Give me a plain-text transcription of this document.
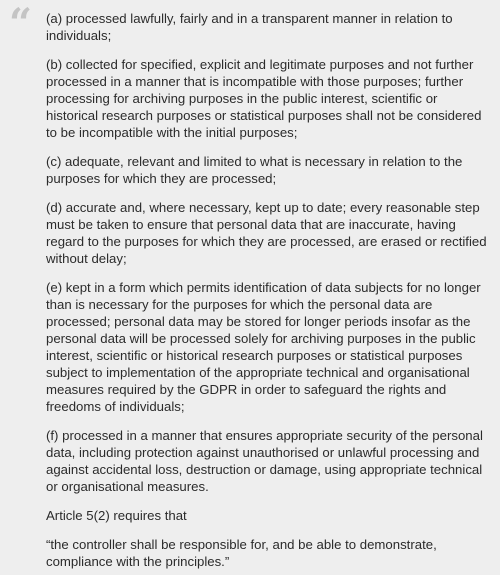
“ (a) processed lawfully, fairly and in a transparent manner in relation to individuals;

(b) collected for specified, explicit and legitimate purposes and not further processed in a manner that is incompatible with those purposes; further processing for archiving purposes in the public interest, scientific or historical research purposes or statistical purposes shall not be considered to be incompatible with the initial purposes;

(c) adequate, relevant and limited to what is necessary in relation to the purposes for which they are processed;

(d) accurate and, where necessary, kept up to date; every reasonable step must be taken to ensure that personal data that are inaccurate, having regard to the purposes for which they are processed, are erased or rectified without delay;

(e) kept in a form which permits identification of data subjects for no longer than is necessary for the purposes for which the personal data are processed; personal data may be stored for longer periods insofar as the personal data will be processed solely for archiving purposes in the public interest, scientific or historical research purposes or statistical purposes subject to implementation of the appropriate technical and organisational measures required by the GDPR in order to safeguard the rights and freedoms of individuals;

(f) processed in a manner that ensures appropriate security of the personal data, including protection against unauthorised or unlawful processing and against accidental loss, destruction or damage, using appropriate technical or organisational measures.

Article 5(2) requires that

“the controller shall be responsible for, and be able to demonstrate, compliance with the principles.”
